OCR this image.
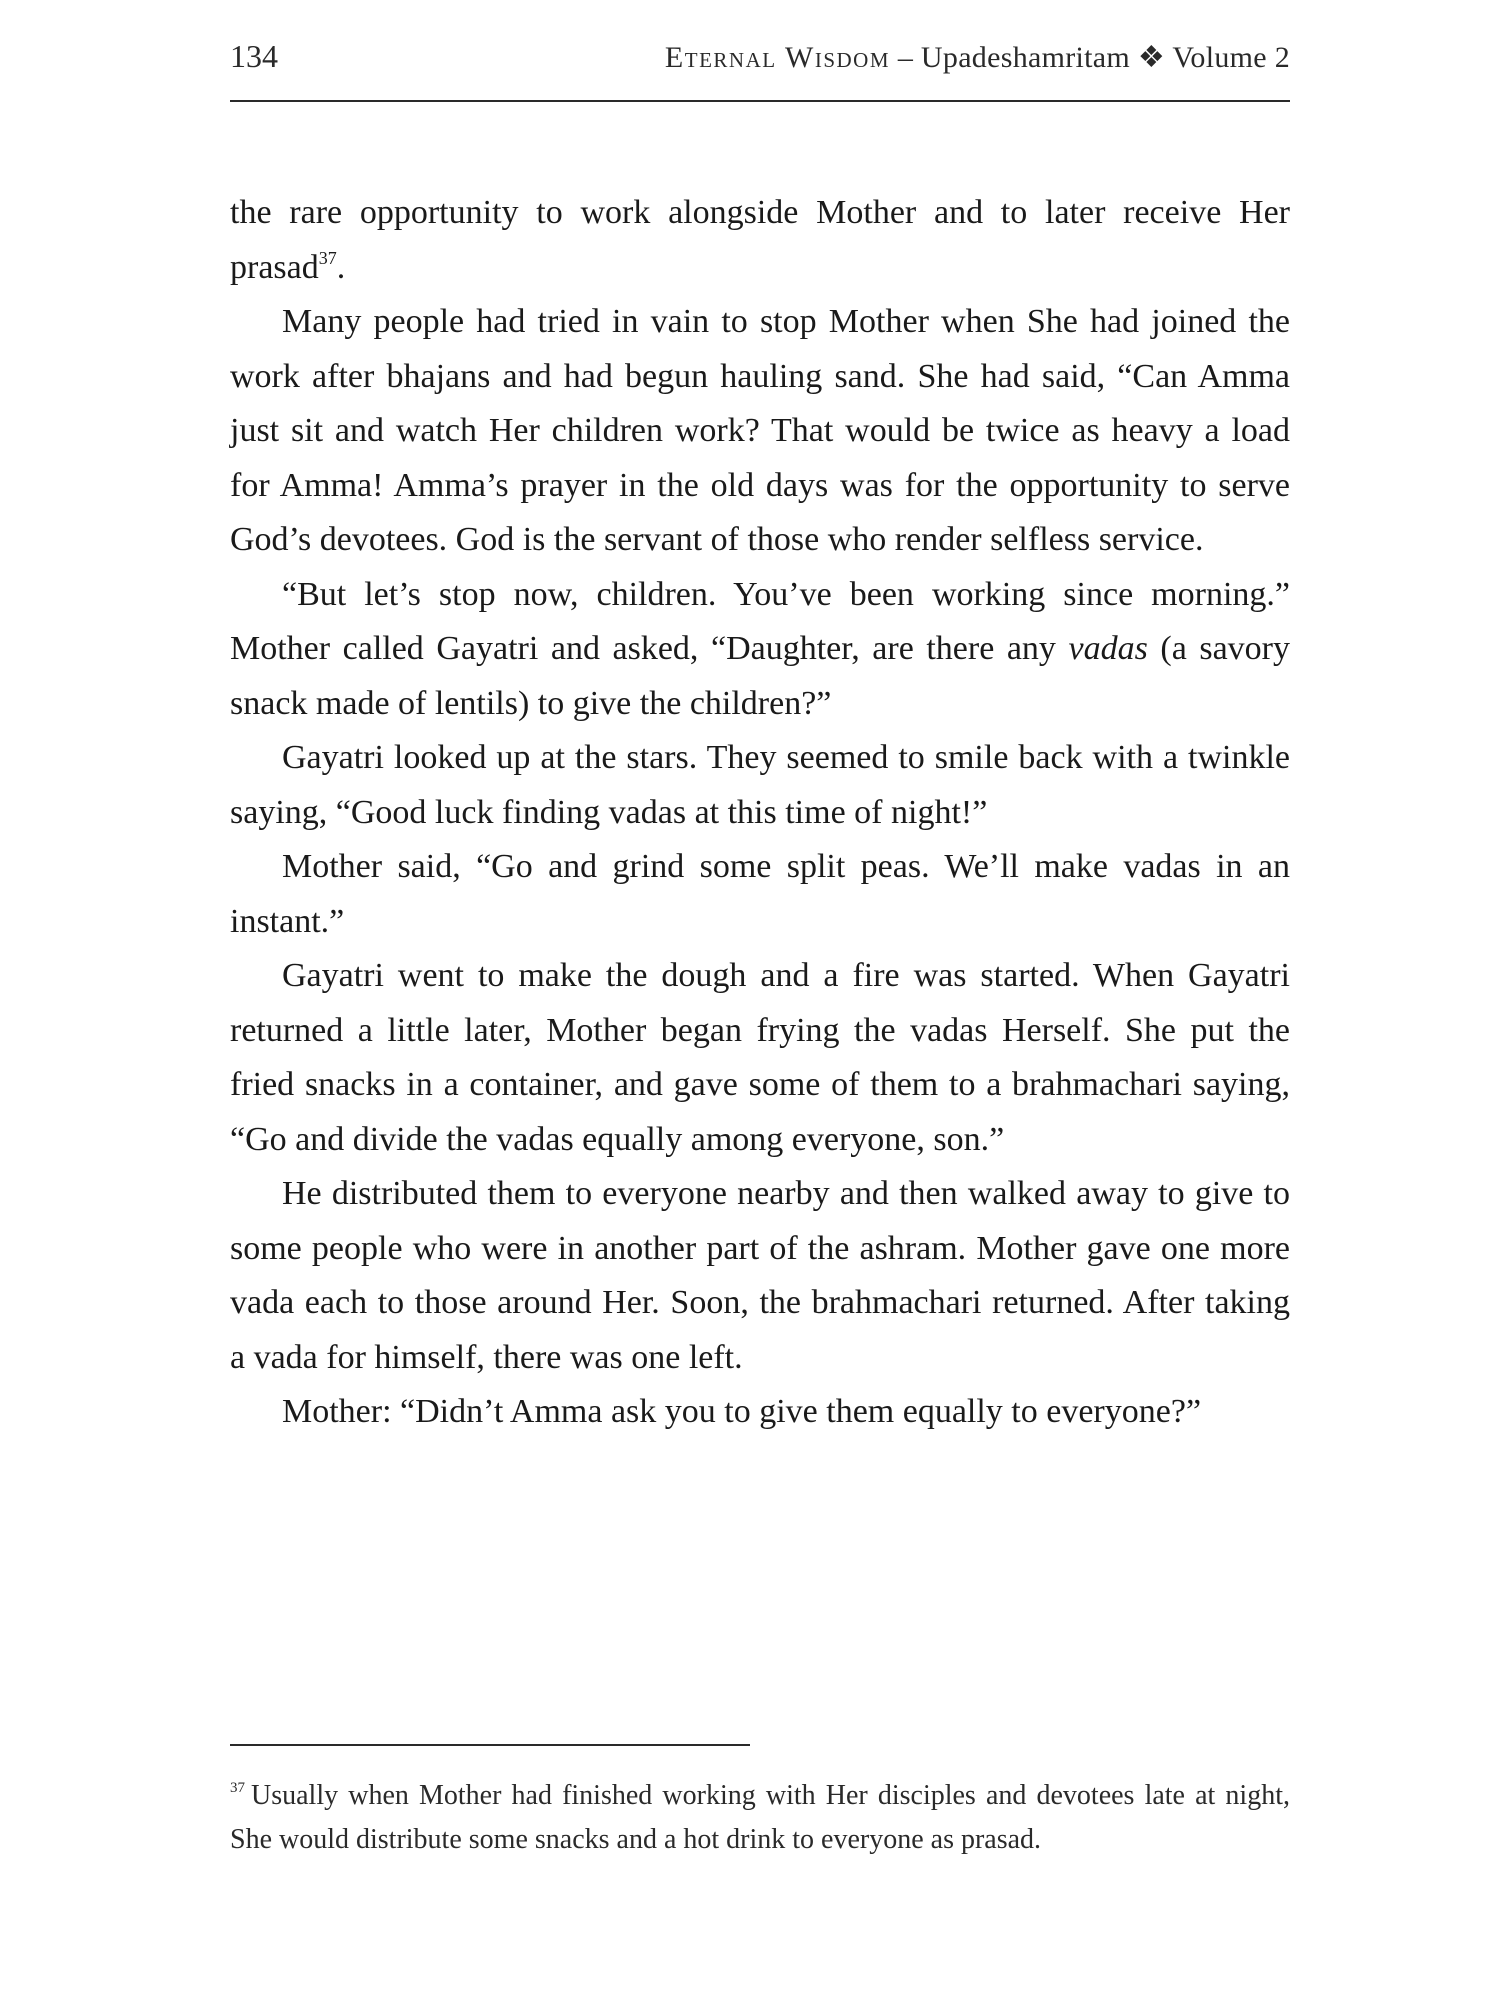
134	Eternal Wisdom – Upadeshamritam ❖ Volume 2

the rare opportunity to work alongside Mother and to later receive Her prasad$^{37}$.

Many people had tried in vain to stop Mother when She had joined the work after bhajans and had begun hauling sand. She had said, “Can Amma just sit and watch Her children work? That would be twice as heavy a load for Amma! Amma’s prayer in the old days was for the opportunity to serve God’s devotees. God is the servant of those who render selfless service.

“But let’s stop now, children. You’ve been working since morning.” Mother called Gayatri and asked, “Daughter, are there any vadas (a savory snack made of lentils) to give the children?”

Gayatri looked up at the stars. They seemed to smile back with a twinkle saying, “Good luck finding vadas at this time of night!”

Mother said, “Go and grind some split peas. We’ll make vadas in an instant.”

Gayatri went to make the dough and a fire was started. When Gayatri returned a little later, Mother began frying the vadas Herself. She put the fried snacks in a container, and gave some of them to a brahmachari saying, “Go and divide the vadas equally among everyone, son.”

He distributed them to everyone nearby and then walked away to give to some people who were in another part of the ashram. Mother gave one more vada each to those around Her. Soon, the brahmachari returned. After taking a vada for himself, there was one left.

Mother: “Didn’t Amma ask you to give them equally to everyone?”

$^{37}$ Usually when Mother had finished working with Her disciples and devotees late at night, She would distribute some snacks and a hot drink to everyone as prasad.
